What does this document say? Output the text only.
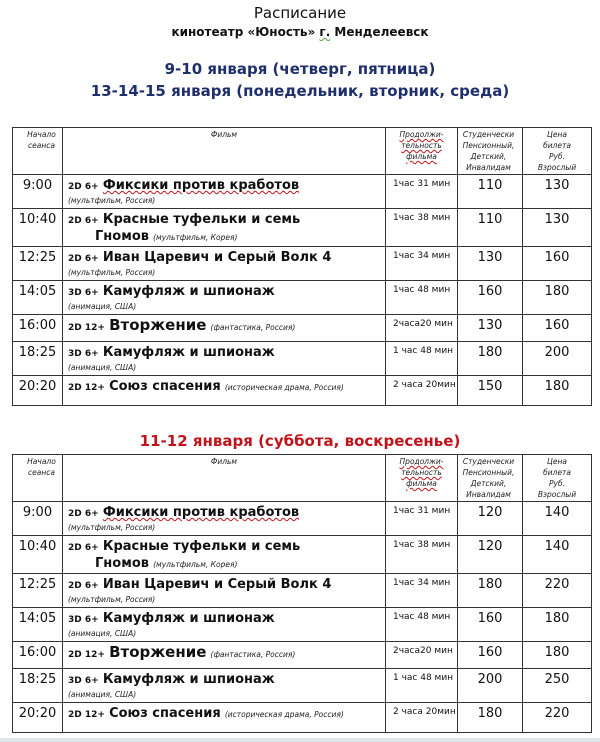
Расписание
кинотеатр «Юность» г. Менделеевск
9-10 января (четверг, пятница)
13-14-15 января (понедельник, вторник, среда)
Начало сеанса	Фильм	Продолжи-
тельность
фильма	Студенчески
Пенсионный,
Детский,
Инвалидам	Цена
билета
Руб.
Взрослый
9:00	2D 6+ Фиксики против кработов
(мультфильм, Россия)	1час 31 мин	110	130
10:40	2D 6+ Красные туфельки и семь
Гномов (мультфильм, Корея)	1час 38 мин	110	130
12:25	2D 6+ Иван Царевич и Серый Волк 4
(мультфильм, Россия)	1час 34 мин	130	160
14:05	3D 6+ Камуфляж и шпионаж
(анимация, США)	1час 48 мин	160	180
16:00	2D 12+ Вторжение (фантастика, Россия)	2часа20 мин	130	160
18:25	3D 6+ Камуфляж и шпионаж
(анимация, США)	1 час 48 мин	180	200
20:20	2D 12+ Союз спасения (историческая драма, Россия)	2 часа 20мин	150	180
11-12 января (суббота, воскресенье)
Начало сеанса	Фильм	Продолжи-
тельность
фильма	Студенчески
Пенсионный,
Детский,
Инвалидам	Цена
билета
Руб.
Взрослый
9:00	2D 6+ Фиксики против кработов
(мультфильм, Россия)	1час 31 мин	120	140
10:40	2D 6+ Красные туфельки и семь
Гномов (мультфильм, Корея)	1час 38 мин	120	140
12:25	2D 6+ Иван Царевич и Серый Волк 4
(мультфильм, Россия)	1час 34 мин	180	220
14:05	3D 6+ Камуфляж и шпионаж
(анимация, США)	1час 48 мин	160	180
16:00	2D 12+ Вторжение (фантастика, Россия)	2часа20 мин	160	180
18:25	3D 6+ Камуфляж и шпионаж
(анимация, США)	1 час 48 мин	200	250
20:20	2D 12+ Союз спасения (историческая драма, Россия)	2 часа 20мин	180	220
